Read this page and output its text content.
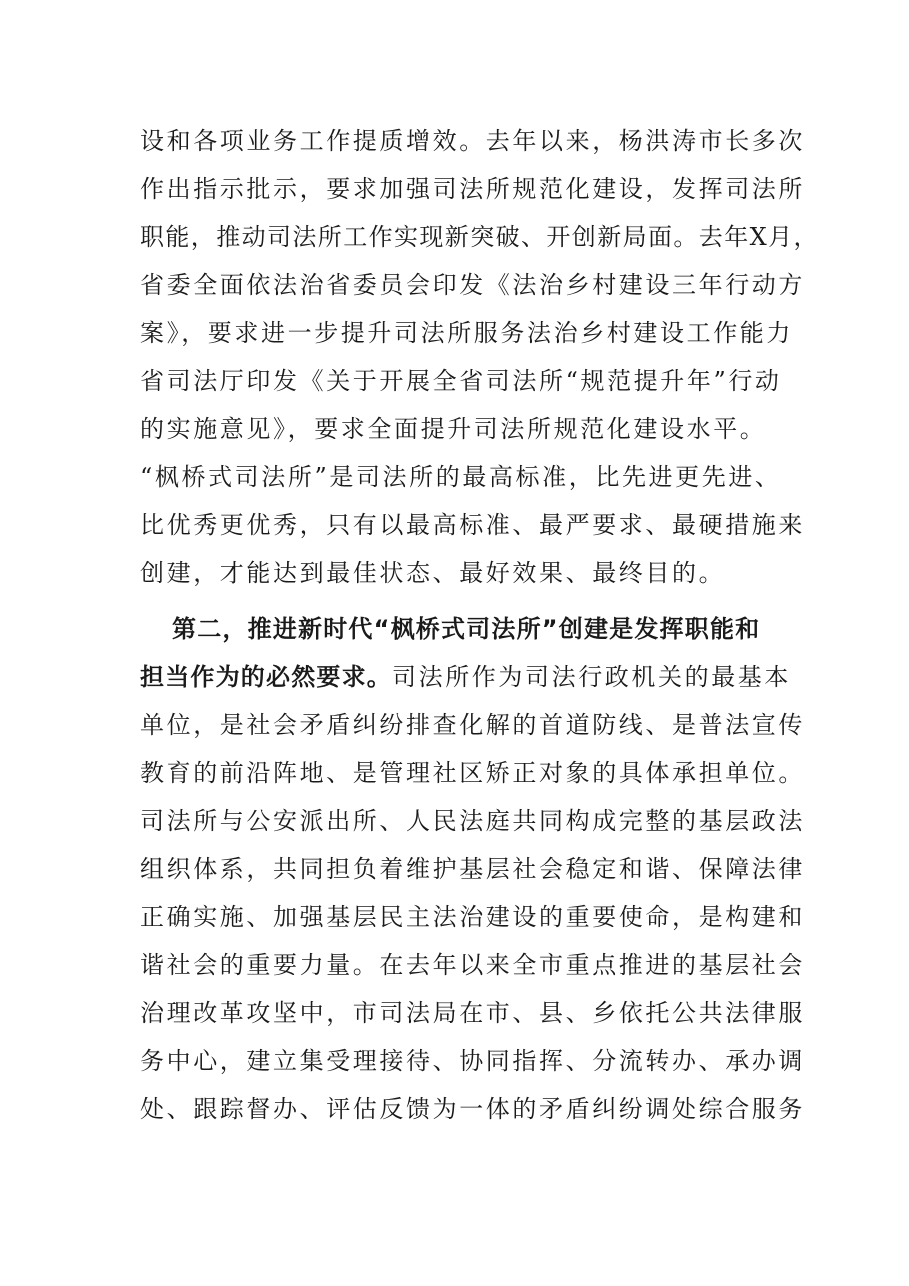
设和各项业务工作提质增效。去年以来，杨洪涛市长多次
作出指示批示，要求加强司法所规范化建设，发挥司法所
职能，推动司法所工作实现新突破、开创新局面。去年X月，
省委全面依法治省委员会印发《法治乡村建设三年行动方
案》，要求进一步提升司法所服务法治乡村建设工作能力
省司法厅印发《关于开展全省司法所“规范提升年”行动
的实施意见》，要求全面提升司法所规范化建设水平。
“枫桥式司法所”是司法所的最高标准，比先进更先进、
比优秀更优秀，只有以最高标准、最严要求、最硬措施来
创建，才能达到最佳状态、最好效果、最终目的。
第二，推进新时代“枫桥式司法所”创建是发挥职能和
担当作为的必然要求。司法所作为司法行政机关的最基本
单位，是社会矛盾纠纷排查化解的首道防线、是普法宣传
教育的前沿阵地、是管理社区矫正对象的具体承担单位。
司法所与公安派出所、人民法庭共同构成完整的基层政法
组织体系，共同担负着维护基层社会稳定和谐、保障法律
正确实施、加强基层民主法治建设的重要使命，是构建和
谐社会的重要力量。在去年以来全市重点推进的基层社会
治理改革攻坚中，市司法局在市、县、乡依托公共法律服
务中心，建立集受理接待、协同指挥、分流转办、承办调
处、跟踪督办、评估反馈为一体的矛盾纠纷调处综合服务
